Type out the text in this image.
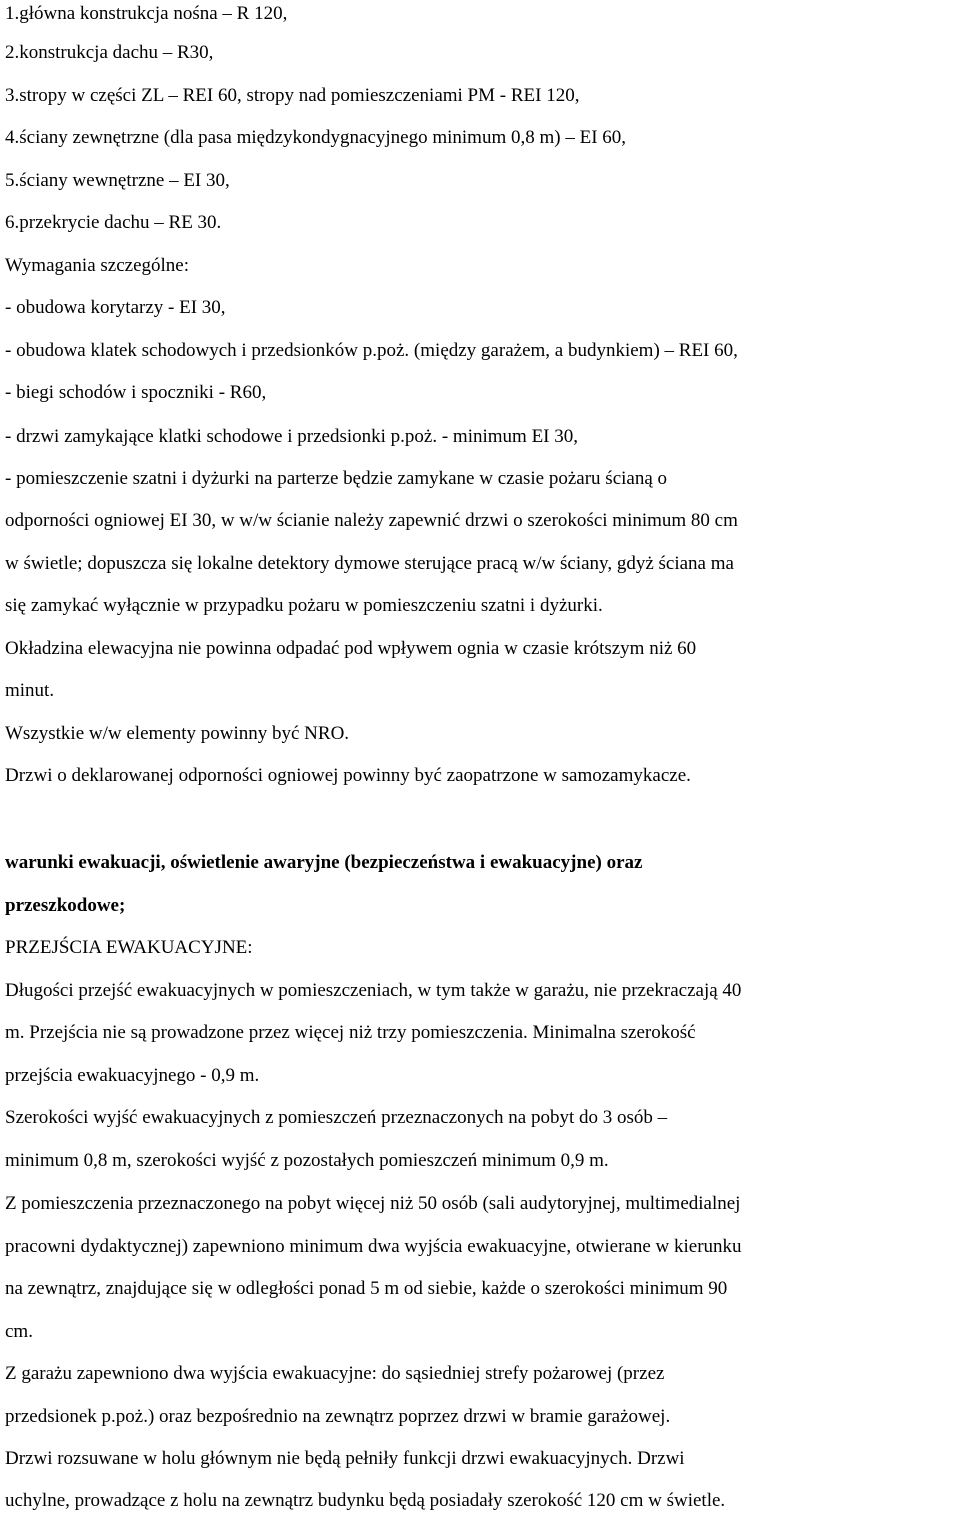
1.główna konstrukcja nośna – R 120,

2.konstrukcja dachu – R30,

3.stropy w części ZL – REI 60, stropy nad pomieszczeniami PM - REI 120,

4.ściany zewnętrzne (dla pasa międzykondygnacyjnego minimum 0,8 m) – EI 60,

5.ściany wewnętrzne – EI 30,

6.przekrycie dachu – RE 30.

Wymagania szczególne:

- obudowa korytarzy - EI 30,

- obudowa klatek schodowych i przedsionków p.poż. (między garażem, a budynkiem) – REI 60,

- biegi schodów i spoczniki - R60,

- drzwi zamykające klatki schodowe i przedsionki p.poż. - minimum EI 30,

- pomieszczenie szatni i dyżurki na parterze będzie zamykane w czasie pożaru ścianą o

odporności ogniowej EI 30, w w/w ścianie należy zapewnić drzwi o szerokości minimum 80 cm

w świetle; dopuszcza się lokalne detektory dymowe sterujące pracą w/w ściany, gdyż ściana ma

się zamykać wyłącznie w przypadku pożaru w pomieszczeniu szatni i dyżurki.

Okładzina elewacyjna nie powinna odpadać pod wpływem ognia w czasie krótszym niż 60

minut.

Wszystkie w/w elementy powinny być NRO.

Drzwi o deklarowanej odporności ogniowej powinny być zaopatrzone w samozamykacze.

warunki ewakuacji, oświetlenie awaryjne (bezpieczeństwa i ewakuacyjne) oraz

przeszkodowe;

PRZEJŚCIA EWAKUACYJNE:

Długości przejść ewakuacyjnych w pomieszczeniach, w tym także w garażu, nie przekraczają 40

m. Przejścia nie są prowadzone przez więcej niż trzy pomieszczenia. Minimalna szerokość

przejścia ewakuacyjnego - 0,9 m.

Szerokości wyjść ewakuacyjnych z pomieszczeń przeznaczonych na pobyt do 3 osób –

minimum 0,8 m, szerokości wyjść z pozostałych pomieszczeń minimum 0,9 m.

Z pomieszczenia przeznaczonego na pobyt więcej niż 50 osób (sali audytoryjnej, multimedialnej

pracowni dydaktycznej) zapewniono minimum dwa wyjścia ewakuacyjne, otwierane w kierunku

na zewnątrz, znajdujące się w odległości ponad 5 m od siebie, każde o szerokości minimum 90

cm.

Z garażu zapewniono dwa wyjścia ewakuacyjne: do sąsiedniej strefy pożarowej (przez

przedsionek p.poż.) oraz bezpośrednio na zewnątrz poprzez drzwi w bramie garażowej.

Drzwi rozsuwane w holu głównym nie będą pełniły funkcji drzwi ewakuacyjnych. Drzwi

uchylne, prowadzące z holu na zewnątrz budynku będą posiadały szerokość 120 cm w świetle.
